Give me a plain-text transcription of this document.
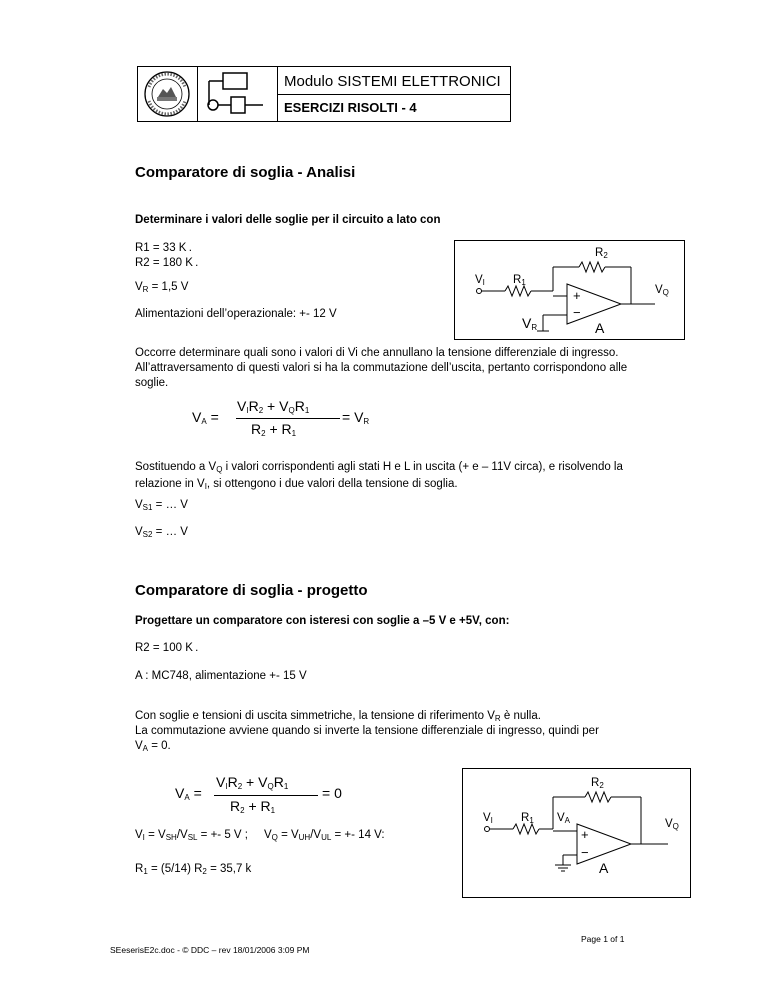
Modulo SISTEMI ELETTRONICI
ESERCIZI RISOLTI - 4
Comparatore di soglia - Analisi
Determinare i valori delle soglie per il circuito a lato con
R1 = 33 K .
R2 = 180 K .
$V_R = 1,5$ V
Alimentazioni dell’operazionale: +- 12 V
$R_2$
$V_I$ $R_1$
$V_Q$
+
−
$V_R$	A
Occorre determinare quali sono i valori di Vi che annullano la tensione differenziale di ingresso. All’attraversamento di questi valori si ha la commutazione dell’uscita, pertanto corrispondono alle soglie.
$V_A$ =
$V_IR_2 + V_QR_1$
$R_2 + R_1$
= $V_R$
Sostituendo a $V_Q$ i valori corrispondenti agli stati H e L in uscita (+ e – 11V circa), e risolvendo la relazione in $V_I$, si ottengono i due valori della tensione di soglia.
$V_{S1}$ = … V
$V_{S2}$ = … V
Comparatore di soglia - progetto
Progettare un comparatore con isteresi con soglie a –5 V e +5V, con:
R2 = 100 K .
A : MC748, alimentazione +- 15 V
Con soglie e tensioni di uscita simmetriche, la tensione di riferimento $V_R$ è nulla.
La commutazione avviene quando si inverte la tensione differenziale di ingresso, quindi per
$V_A = 0$.
$V_A$ =
$V_IR_2 + V_QR_1$
$R_2 + R_1$
= 0
$V_I = V_{SH}/V_{SL}$ = +- 5 V ;     $V_Q = V_{UH}/V_{UL}$ = +- 14 V:
$R_1 = (5/14) R_2 = 35,7$ k 
$R_2$
$V_I$ $R_1$ $V_A$	$V_Q$
+
−
A
Page 1 of 1
SEeserisE2c.doc - © DDC – rev 18/01/2006 3:09 PM
